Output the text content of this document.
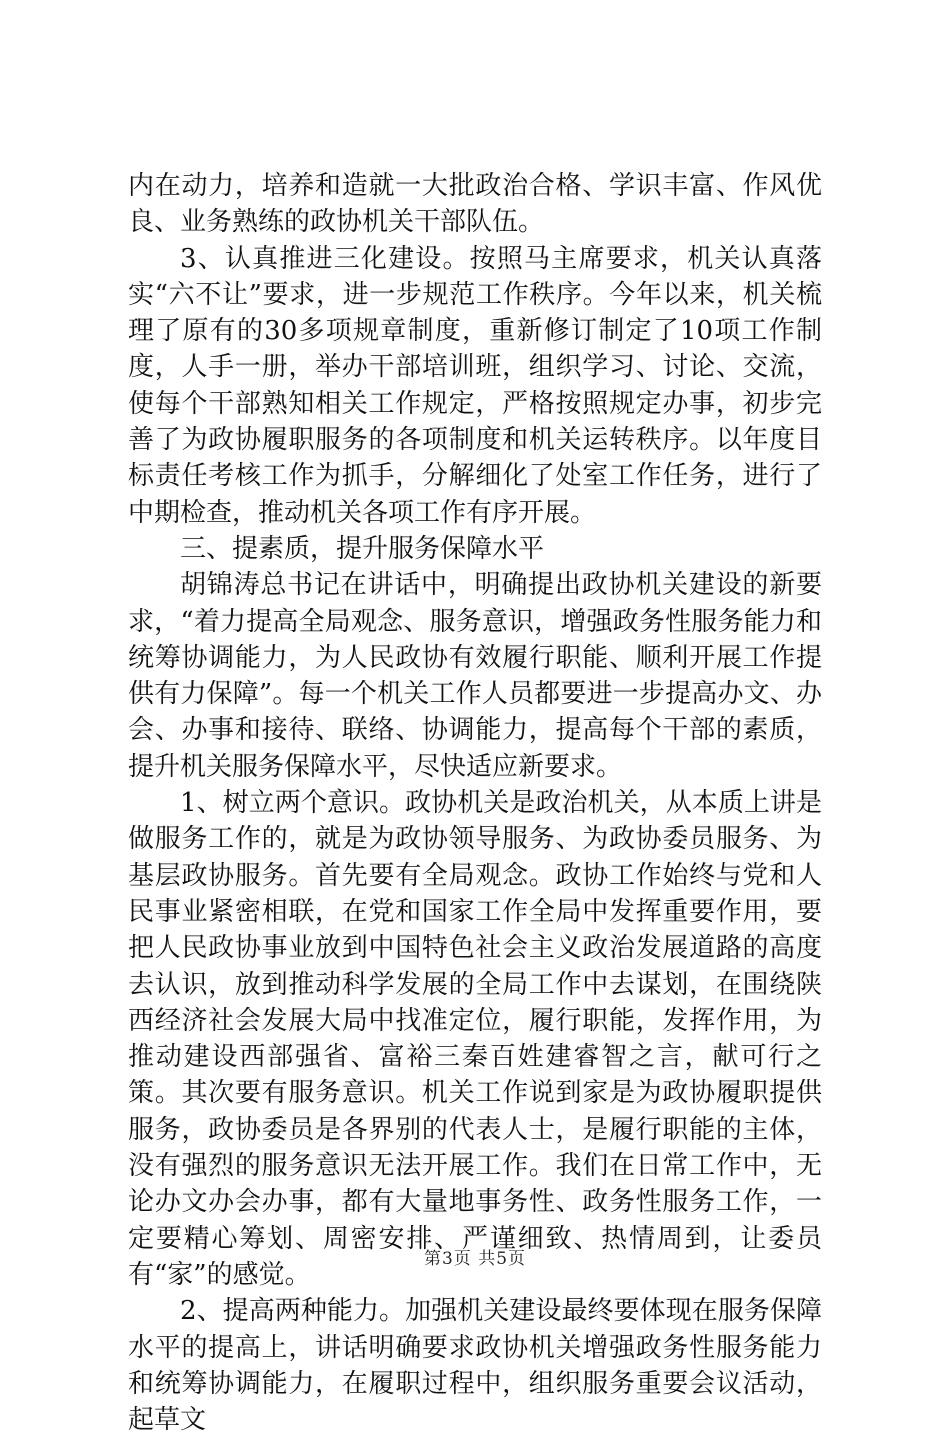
内在动力，培养和造就一大批政治合格、学识丰富、作风优良、业务熟练的政协机关干部队伍。

3、认真推进三化建设。按照马主席要求，机关认真落实“六不让”要求，进一步规范工作秩序。今年以来，机关梳理了原有的30多项规章制度，重新修订制定了10项工作制度，人手一册，举办干部培训班，组织学习、讨论、交流，使每个干部熟知相关工作规定，严格按照规定办事，初步完善了为政协履职服务的各项制度和机关运转秩序。以年度目标责任考核工作为抓手，分解细化了处室工作任务，进行了中期检查，推动机关各项工作有序开展。

三、提素质，提升服务保障水平

胡锦涛总书记在讲话中，明确提出政协机关建设的新要求，“着力提高全局观念、服务意识，增强政务性服务能力和统筹协调能力，为人民政协有效履行职能、顺利开展工作提供有力保障”。每一个机关工作人员都要进一步提高办文、办会、办事和接待、联络、协调能力，提高每个干部的素质，提升机关服务保障水平，尽快适应新要求。

1、树立两个意识。政协机关是政治机关，从本质上讲是做服务工作的，就是为政协领导服务、为政协委员服务、为基层政协服务。首先要有全局观念。政协工作始终与党和人民事业紧密相联，在党和国家工作全局中发挥重要作用，要把人民政协事业放到中国特色社会主义政治发展道路的高度去认识，放到推动科学发展的全局工作中去谋划，在围绕陕西经济社会发展大局中找准定位，履行职能，发挥作用，为推动建设西部强省、富裕三秦百姓建睿智之言，献可行之策。其次要有服务意识。机关工作说到家是为政协履职提供服务，政协委员是各界别的代表人士，是履行职能的主体，没有强烈的服务意识无法开展工作。我们在日常工作中，无论办文办会办事，都有大量地事务性、政务性服务工作，一定要精心筹划、周密安排、严谨细致、热情周到，让委员有“家”的感觉。

2、提高两种能力。加强机关建设最终要体现在服务保障水平的提高上，讲话明确要求政协机关增强政务性服务能力和统筹协调能力，在履职过程中，组织服务重要会议活动，起草文

第3页 共5页
